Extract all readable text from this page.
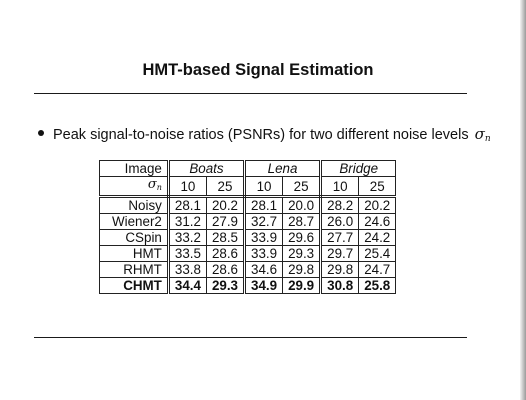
HMT-based Signal Estimation
Peak signal-to-noise ratios (PSNRs) for two different noise levels $\sigma_n$
Image	Boats		Lena		Bridge	
$\sigma_n$	10	25	10	25	10	25
Noisy	28.1	20.2	28.1	20.0	28.2	20.2
Wiener2	31.2	27.9	32.7	28.7	26.0	24.6
CSpin	33.2	28.5	33.9	29.6	27.7	24.2
HMT	33.5	28.6	33.9	29.3	29.7	25.4
RHMT	33.8	28.6	34.6	29.8	29.8	24.7
CHMT	34.4	29.3	34.9	29.9	30.8	25.8
